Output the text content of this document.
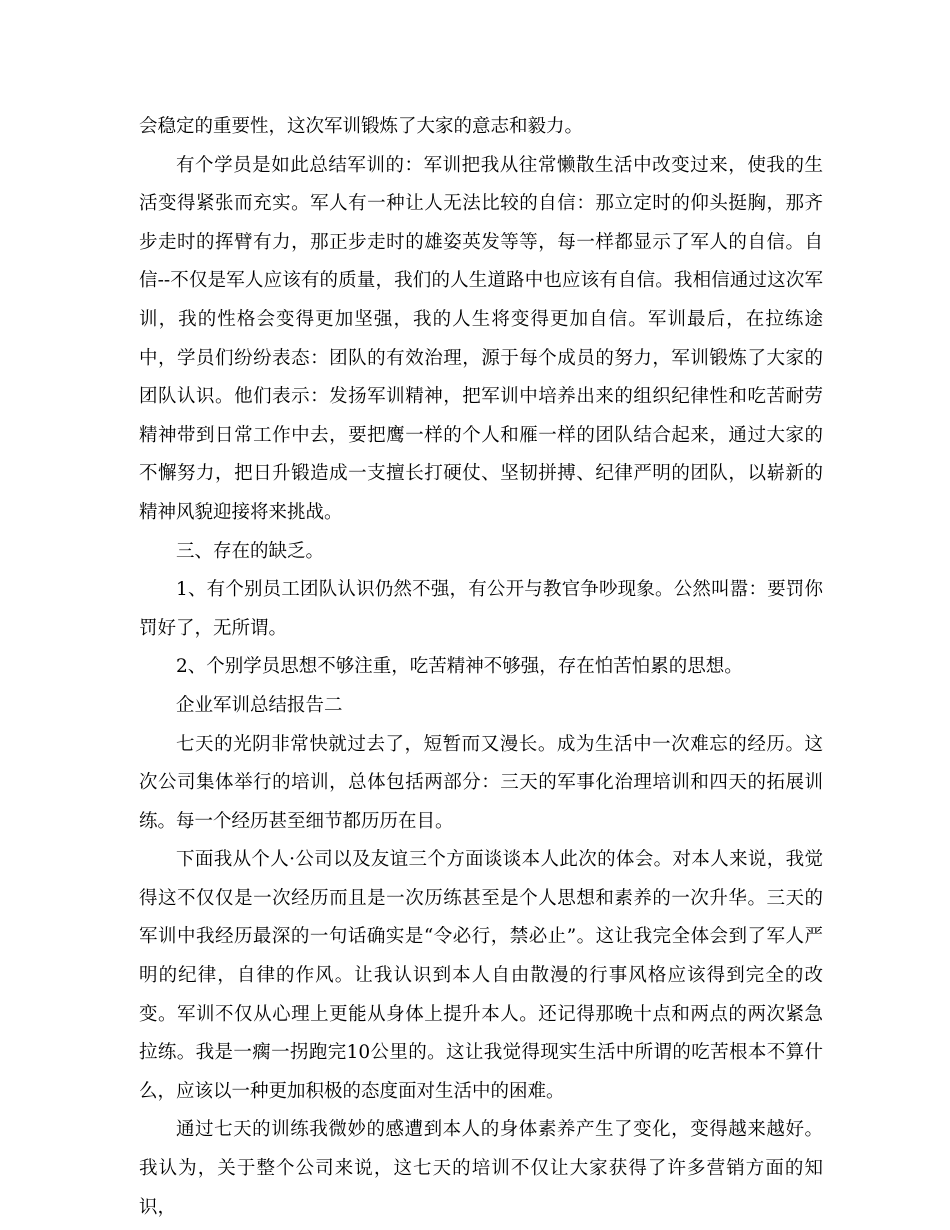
会稳定的重要性，这次军训锻炼了大家的意志和毅力。

有个学员是如此总结军训的：军训把我从往常懒散生活中改变过来，使我的生活变得紧张而充实。军人有一种让人无法比较的自信：那立定时的仰头挺胸，那齐步走时的挥臂有力，那正步走时的雄姿英发等等，每一样都显示了军人的自信。自信--不仅是军人应该有的质量，我们的人生道路中也应该有自信。我相信通过这次军训，我的性格会变得更加坚强，我的人生将变得更加自信。军训最后，在拉练途中，学员们纷纷表态：团队的有效治理，源于每个成员的努力，军训锻炼了大家的团队认识。他们表示：发扬军训精神，把军训中培养出来的组织纪律性和吃苦耐劳精神带到日常工作中去，要把鹰一样的个人和雁一样的团队结合起来，通过大家的不懈努力，把日升锻造成一支擅长打硬仗、坚韧拼搏、纪律严明的团队，以崭新的精神风貌迎接将来挑战。

三、存在的缺乏。

1、有个别员工团队认识仍然不强，有公开与教官争吵现象。公然叫嚣：要罚你罚好了，无所谓。

2、个别学员思想不够注重，吃苦精神不够强，存在怕苦怕累的思想。

企业军训总结报告二

七天的光阴非常快就过去了，短暂而又漫长。成为生活中一次难忘的经历。这次公司集体举行的培训，总体包括两部分：三天的军事化治理培训和四天的拓展训练。每一个经历甚至细节都历历在目。

下面我从个人·公司以及友谊三个方面谈谈本人此次的体会。对本人来说，我觉得这不仅仅是一次经历而且是一次历练甚至是个人思想和素养的一次升华。三天的军训中我经历最深的一句话确实是“令必行，禁必止”。这让我完全体会到了军人严明的纪律，自律的作风。让我认识到本人自由散漫的行事风格应该得到完全的改变。军训不仅从心理上更能从身体上提升本人。还记得那晚十点和两点的两次紧急拉练。我是一瘸一拐跑完10公里的。这让我觉得现实生活中所谓的吃苦根本不算什么，应该以一种更加积极的态度面对生活中的困难。

通过七天的训练我微妙的感遭到本人的身体素养产生了变化，变得越来越好。我认为，关于整个公司来说，这七天的培训不仅让大家获得了许多营销方面的知识，
